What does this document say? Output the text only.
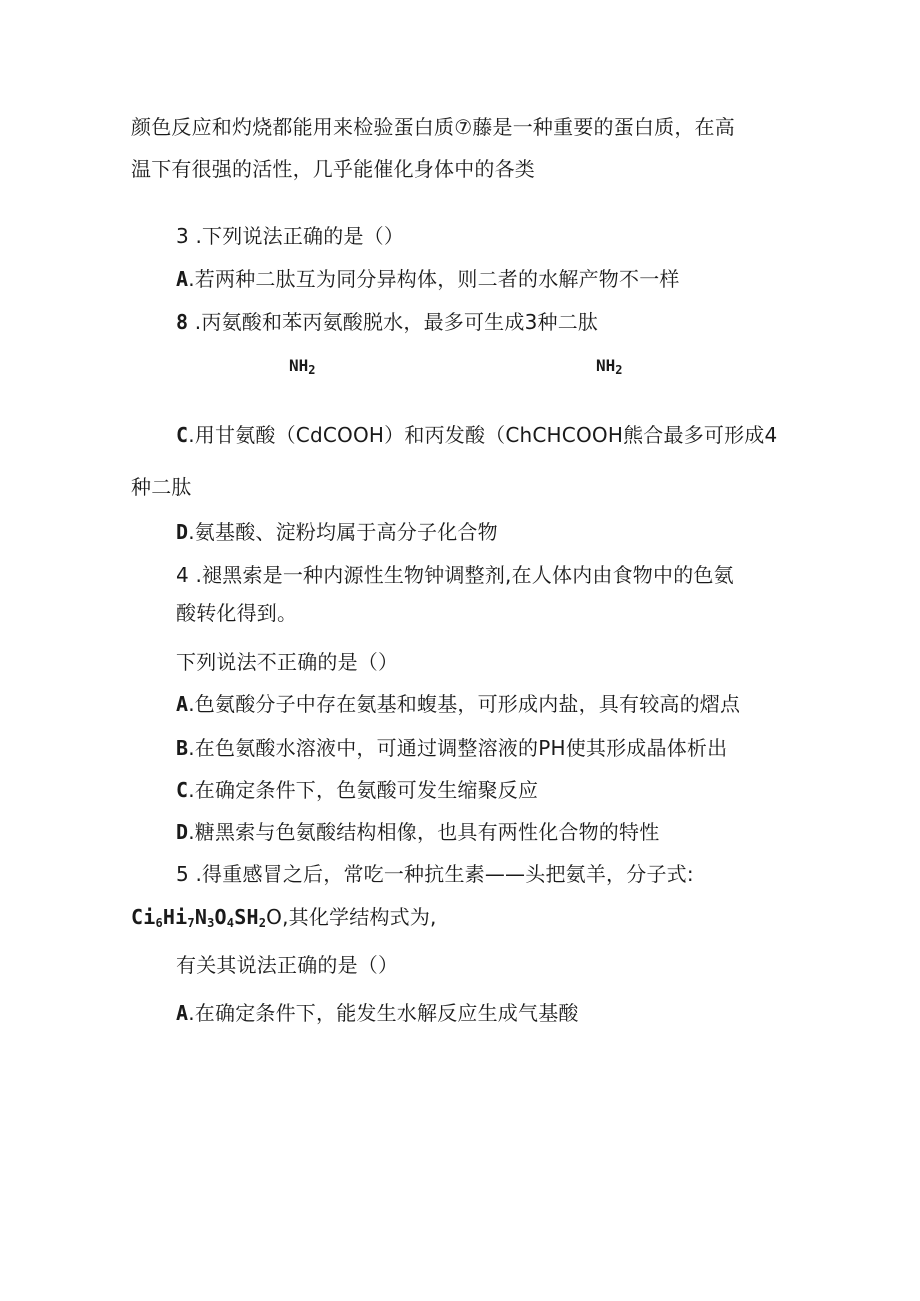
颜色反应和灼烧都能用来检验蛋白质⑦藤是一种重要的蛋白质，在高
温下有很强的活性，几乎能催化身体中的各类
3 .下列说法正确的是（）
A.若两种二肽互为同分异构体，则二者的水解产物不一样
8 .丙氨酸和苯丙氨酸脱水，最多可生成3种二肽
$NH_2$	$NH_2$
C.用甘氨酸（CdCOOH）和丙发酸（ChCHCOOH熊合最多可形成4
种二肽
D.氨基酸、淀粉均属于高分子化合物
4 .褪黑索是一种内源性生物钟调整剂,在人体内由食物中的色氨
酸转化得到。
下列说法不正确的是（）
A.色氨酸分子中存在氨基和蝮基，可形成内盐，具有较高的熠点
B.在色氨酸水溶液中，可通过调整溶液的PH使其形成晶体析出
C.在确定条件下，色氨酸可发生缩聚反应
D.糖黑索与色氨酸结构相像，也具有两性化合物的特性
5 .得重感冒之后，常吃一种抗生素——头把氨羊，分子式:
$Ci_6Hi_7N_3O_4SH_2O$,其化学结构式为,
有关其说法正确的是（）
A.在确定条件下，能发生水解反应生成气基酸
